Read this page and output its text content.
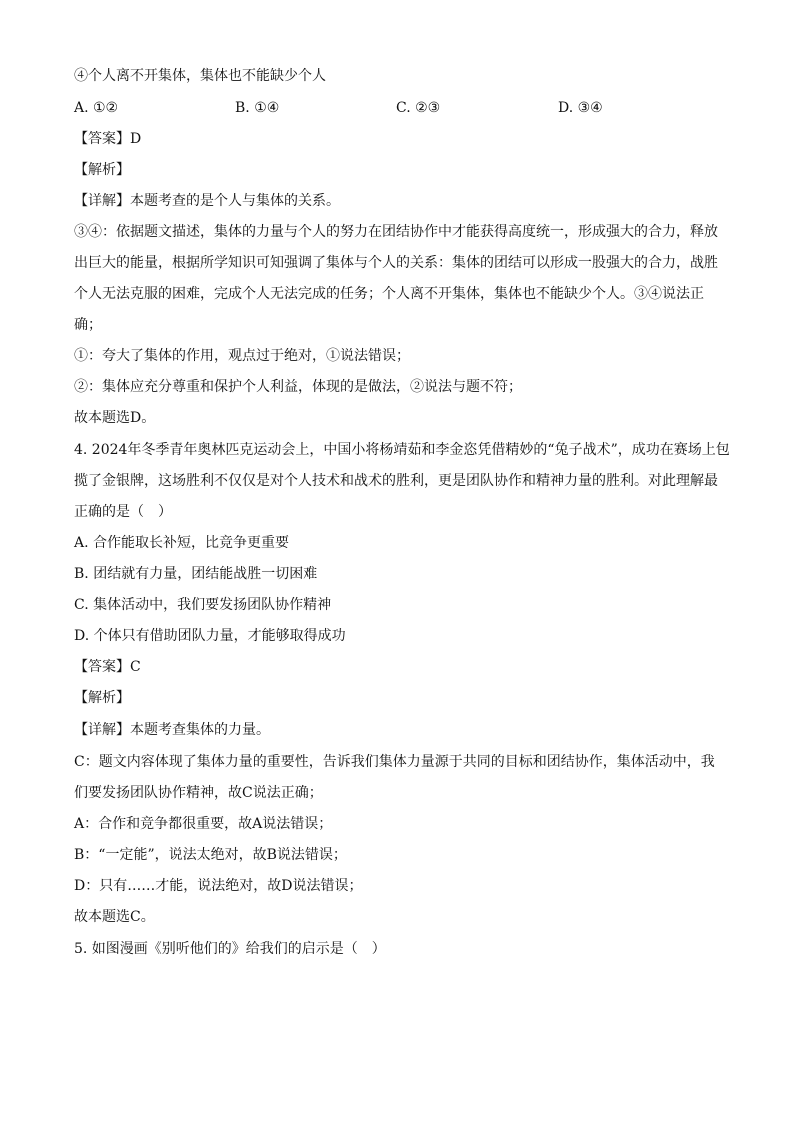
④个人离不开集体，集体也不能缺少个人
A. ①②	B. ①④	C. ②③	D. ③④
【答案】D
【解析】
【详解】本题考查的是个人与集体的关系。
③④：依据题文描述，集体的力量与个人的努力在团结协作中才能获得高度统一，形成强大的合力，释放
出巨大的能量，根据所学知识可知强调了集体与个人的关系：集体的团结可以形成一股强大的合力，战胜
个人无法克服的困难，完成个人无法完成的任务；个人离不开集体，集体也不能缺少个人。③④说法正
确；
①：夸大了集体的作用，观点过于绝对，①说法错误；
②：集体应充分尊重和保护个人利益，体现的是做法，②说法与题不符；
故本题选D。
4. 2024年冬季青年奥林匹克运动会上，中国小将杨靖茹和李金恣凭借精妙的“兔子战术”，成功在赛场上包
揽了金银牌，这场胜利不仅仅是对个人技术和战术的胜利，更是团队协作和精神力量的胜利。对此理解最
正确的是（　）
A. 合作能取长补短，比竞争更重要
B. 团结就有力量，团结能战胜一切困难
C. 集体活动中，我们要发扬团队协作精神
D. 个体只有借助团队力量，才能够取得成功
【答案】C
【解析】
【详解】本题考查集体的力量。
C：题文内容体现了集体力量的重要性，告诉我们集体力量源于共同的目标和团结协作，集体活动中，我
们要发扬团队协作精神，故C说法正确；
A：合作和竞争都很重要，故A说法错误；
B：“一定能”，说法太绝对，故B说法错误；
D：只有……才能，说法绝对，故D说法错误；
故本题选C。
5. 如图漫画《别听他们的》给我们的启示是（　）
